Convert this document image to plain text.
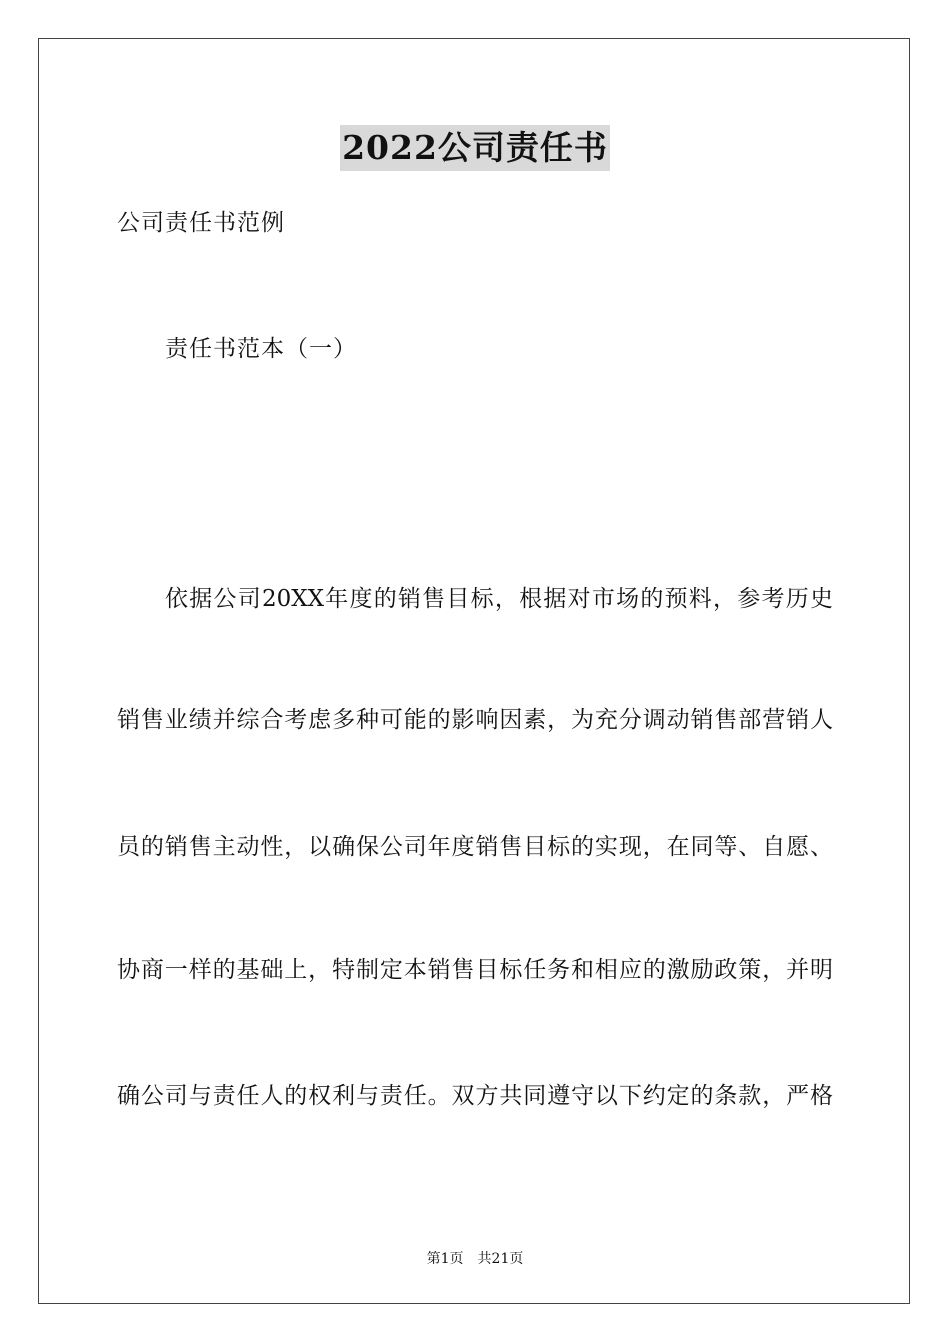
2022公司责任书
公司责任书范例
责任书范本（一）
依据公司20XX年度的销售目标，根据对市场的预料，参考历史
销售业绩并综合考虑多种可能的影响因素，为充分调动销售部营销人
员的销售主动性，以确保公司年度销售目标的实现，在同等、自愿、
协商一样的基础上，特制定本销售目标任务和相应的激励政策，并明
确公司与责任人的权利与责任。双方共同遵守以下约定的条款，严格
第1页 共21页
